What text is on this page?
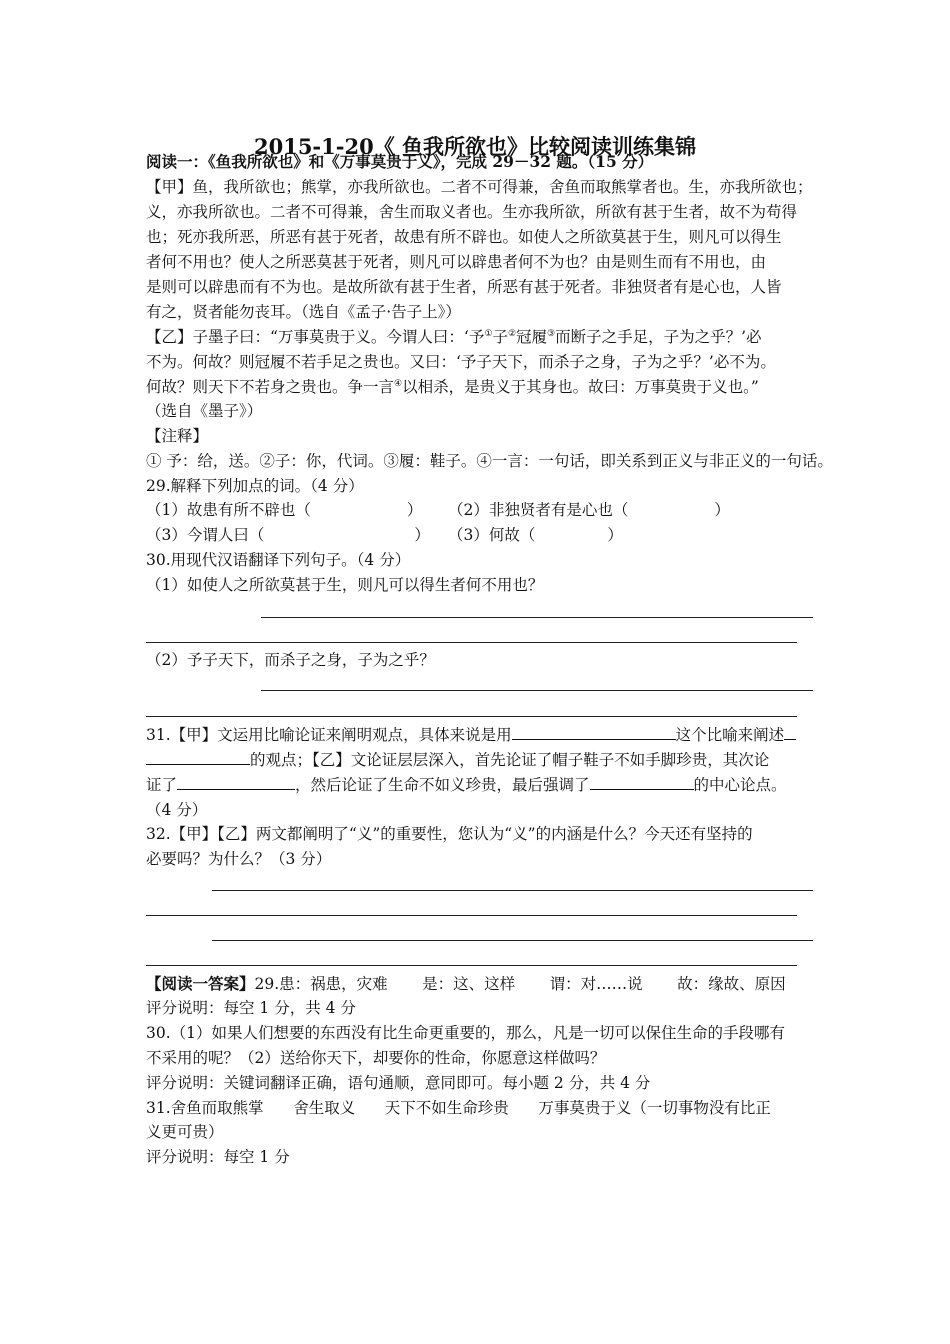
2015-1-20《 鱼我所欲也》比较阅读训练集锦
阅读一：《鱼我所欲也》和《万事莫贵于义》，完成 29－32 题。（15 分）
【甲】鱼，我所欲也；熊掌，亦我所欲也。二者不可得兼，舍鱼而取熊掌者也。生，亦我所欲也；
义，亦我所欲也。二者不可得兼，舍生而取义者也。生亦我所欲，所欲有甚于生者，故不为苟得
也；死亦我所恶，所恶有甚于死者，故患有所不辟也。如使人之所欲莫甚于生，则凡可以得生
者何不用也？使人之所恶莫甚于死者，则凡可以辟患者何不为也？由是则生而有不用也，由
是则可以辟患而有不为也。是故所欲有甚于生者，所恶有甚于死者。非独贤者有是心也，人皆
有之，贤者能勿丧耳。（选自《孟子·告子上》）
【乙】子墨子曰：“万事莫贵于义。今谓人曰：‘予①子②冠履③而断子之手足，子为之乎？’必
不为。何故？则冠履不若手足之贵也。又曰：‘予子天下，而杀子之身，子为之乎？’必不为。
何故？则天下不若身之贵也。争一言④以相杀，是贵义于其身也。故曰：万事莫贵于义也。”
（选自《墨子》）
【注释】
① 予：给，送。②子：你，代词。③履：鞋子。④一言：一句话，即关系到正义与非正义的一句话。
29.解释下列加点的词。（4 分）
（1）故患有所不辟也（	） （2）非独贤者有是心也（	）
（3）今谓人曰（	） （3）何故（	）
30.用现代汉语翻译下列句子。（4 分）
（1）如使人之所欲莫甚于生，则凡可以得生者何不用也？
（2）予子天下，而杀子之身，子为之乎？
31.【甲】文运用比喻论证来阐明观点，具体来说是用	这个比喻来阐述
的观点；【乙】文论证层层深入，首先论证了帽子鞋子不如手脚珍贵，其次论
证了	，然后论证了生命不如义珍贵，最后强调了	的中心论点。
（4 分）
32.【甲】【乙】两文都阐明了“义”的重要性，您认为“义”的内涵是什么？今天还有坚持的
必要吗？为什么？（3 分）
【阅读一答案】29.患：祸患，灾难       是：这、这样       谓：对……说       故：缘故、原因
评分说明：每空 1 分，共 4 分
30.（1）如果人们想要的东西没有比生命更重要的，那么，凡是一切可以保住生命的手段哪有
不采用的呢？（2）送给你天下，却要你的性命，你愿意这样做吗？
评分说明：关键词翻译正确，语句通顺，意同即可。每小题 2 分，共 4 分
31.舍鱼而取熊掌      舍生取义      天下不如生命珍贵      万事莫贵于义（一切事物没有比正
义更可贵）
评分说明：每空 1 分
